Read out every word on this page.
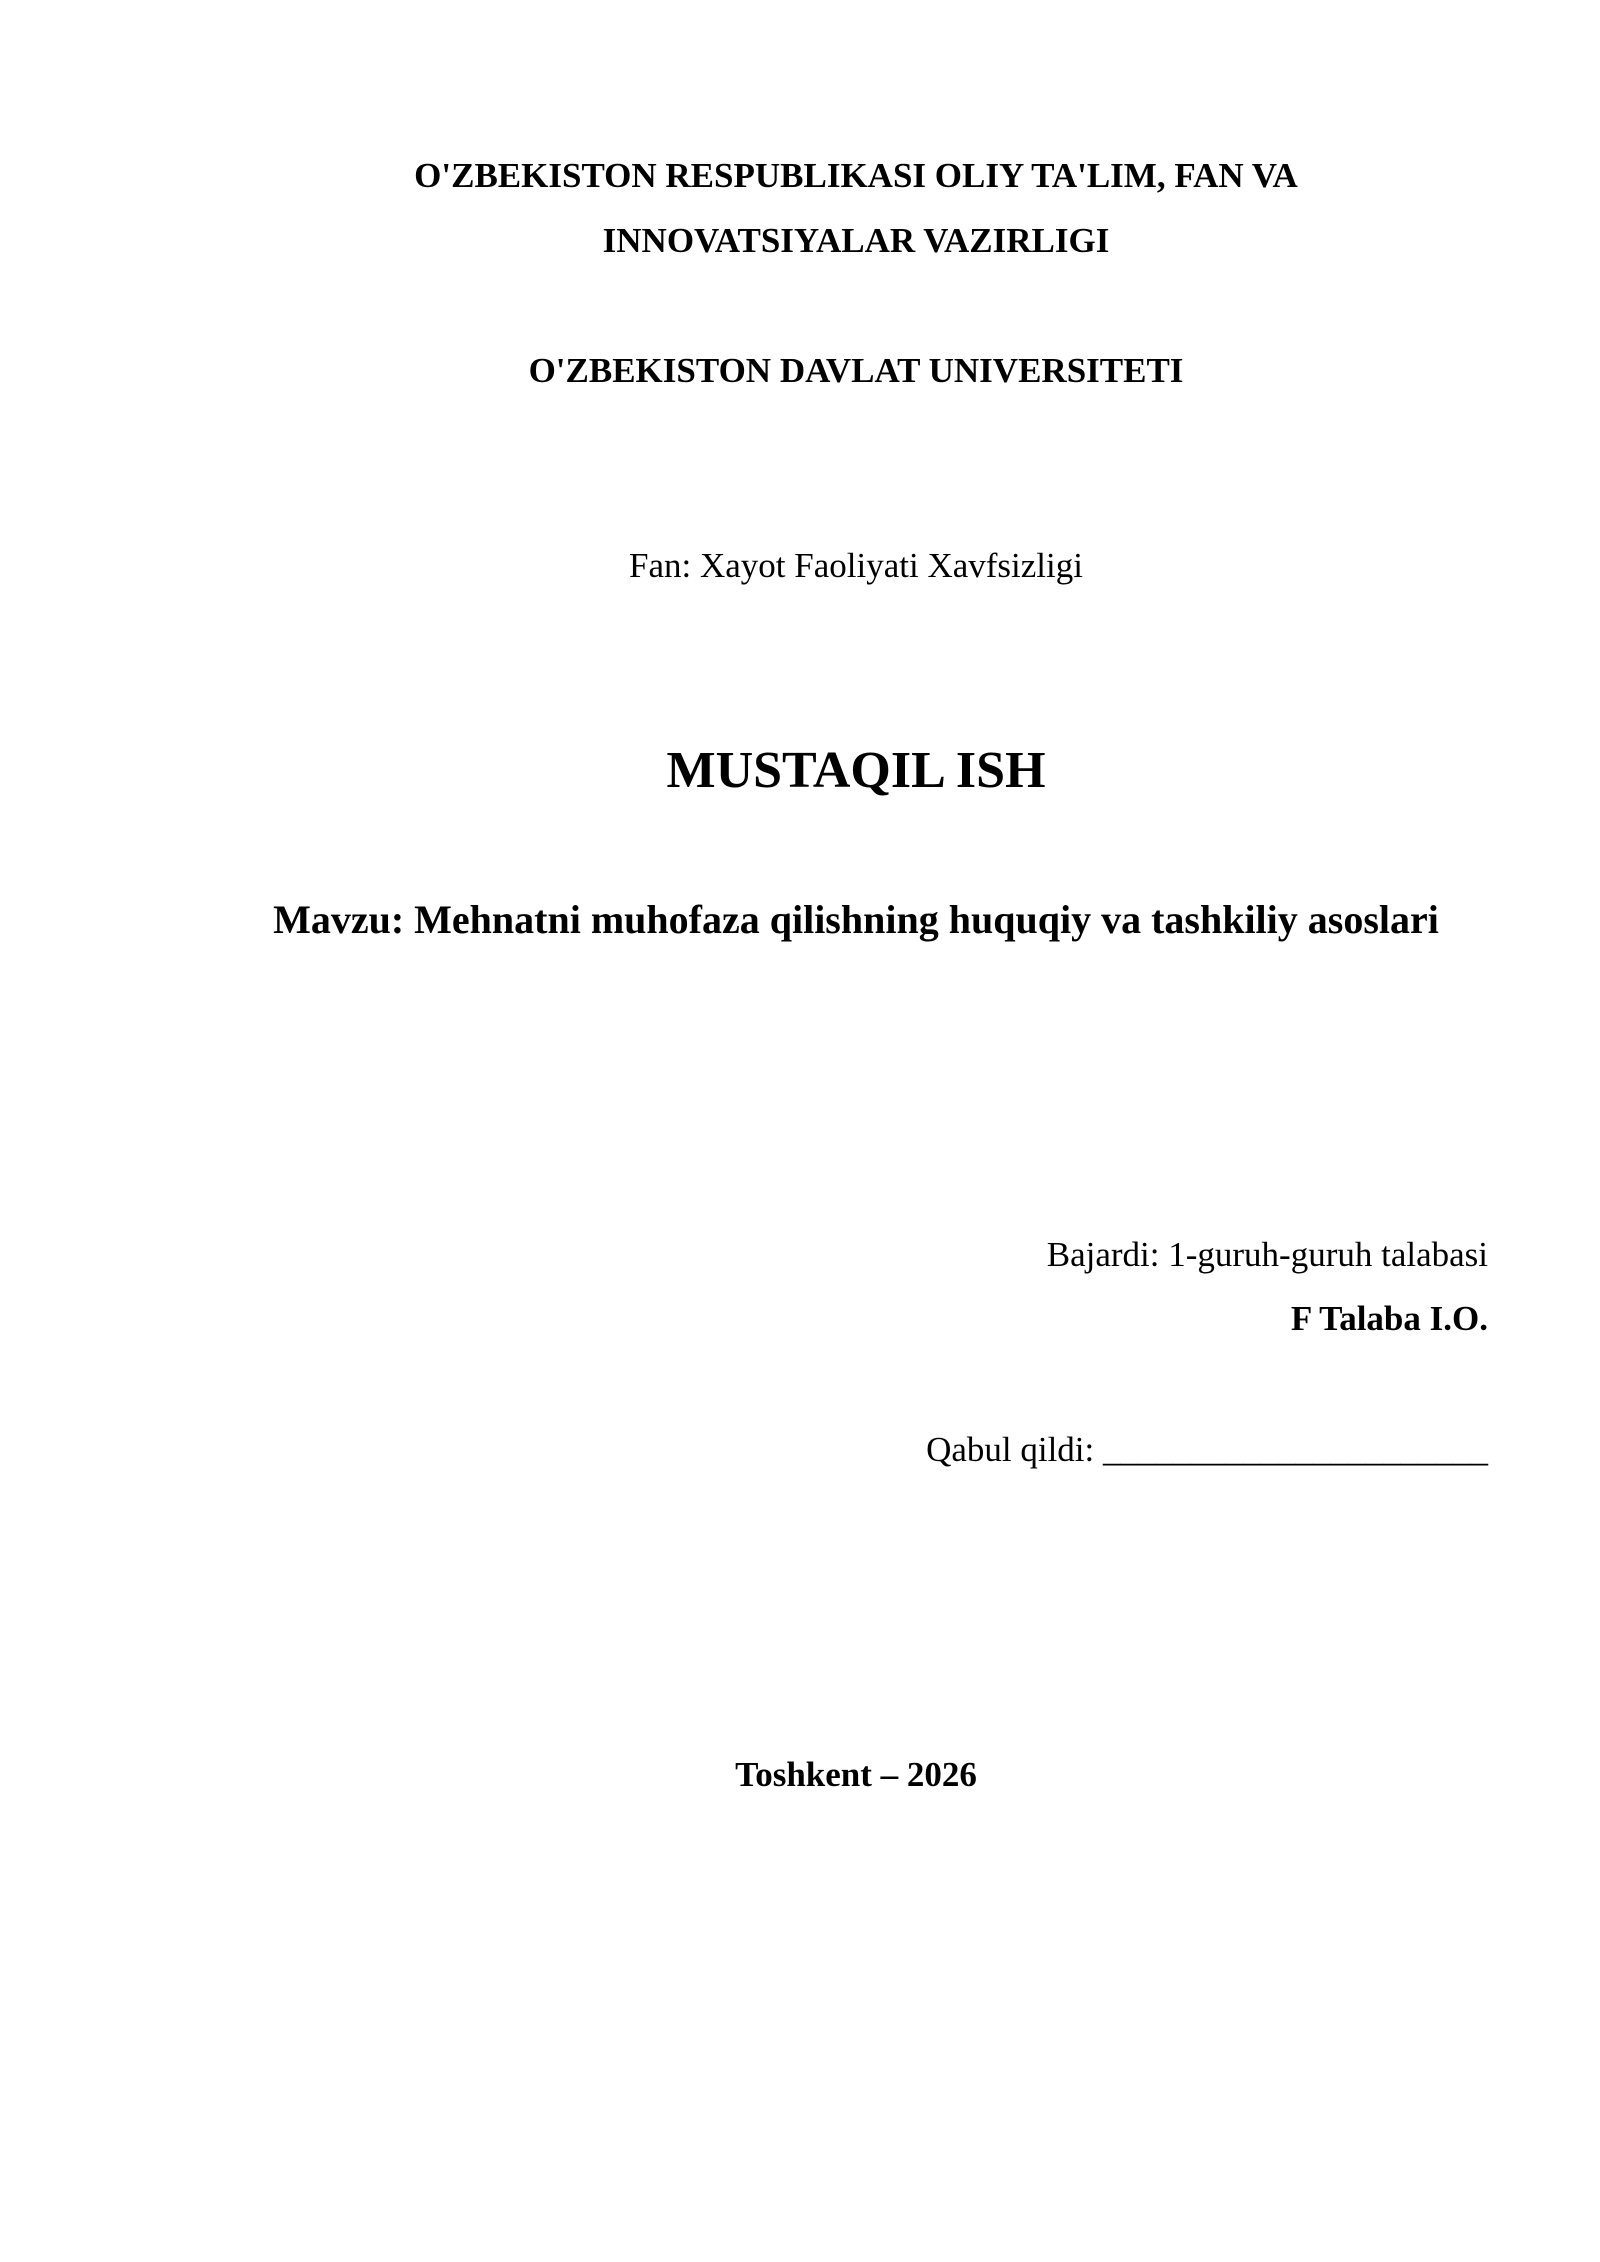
O'ZBEKISTON RESPUBLIKASI OLIY TA'LIM, FAN VA
INNOVATSIYALAR VAZIRLIGI
O'ZBEKISTON DAVLAT UNIVERSITETI
Fan: Xayot Faoliyati Xavfsizligi
MUSTAQIL ISH
Mavzu: Mehnatni muhofaza qilishning huquqiy va tashkiliy asoslari
Bajardi: 1-guruh-guruh talabasi
F Talaba I.O.
Qabul qildi: ______________________
Toshkent – 2026
